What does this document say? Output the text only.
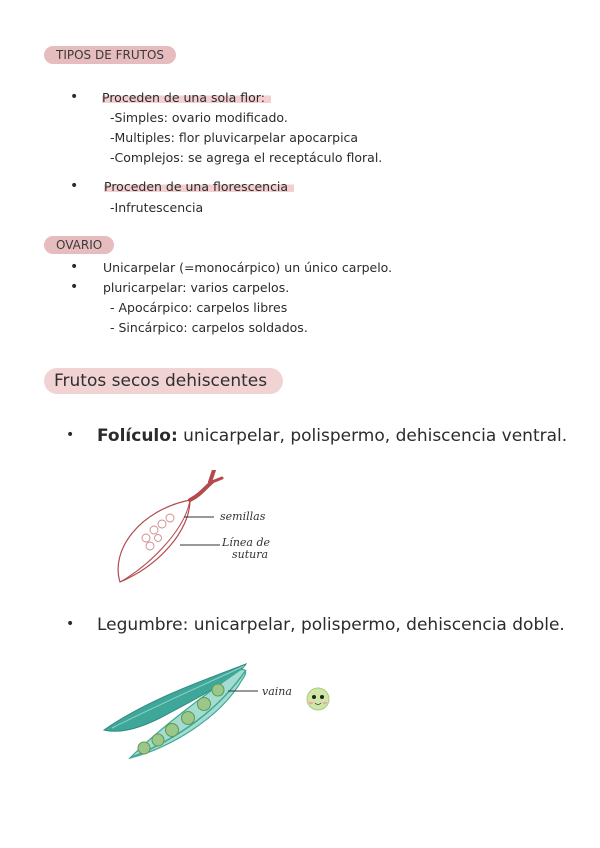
TIPOS DE FRUTOS
• Proceden de una sola flor:
-Simples: ovario modificado.
-Multiples: flor pluvicarpelar apocarpica
-Complejos: se agrega el receptáculo floral.
• Proceden de una florescencia
-Infrutescencia
OVARIO
• Unicarpelar (=monocárpico) un único carpelo.
• pluricarpelar: varios carpelos.
- Apocárpico: carpelos libres
- Sincárpico: carpelos soldados.
Frutos secos dehiscentes
• Folículo: unicarpelar, polispermo, dehiscencia ventral.
semillas
Línea de
sutura
• Legumbre: unicarpelar, polispermo, dehiscencia doble.
vaina
